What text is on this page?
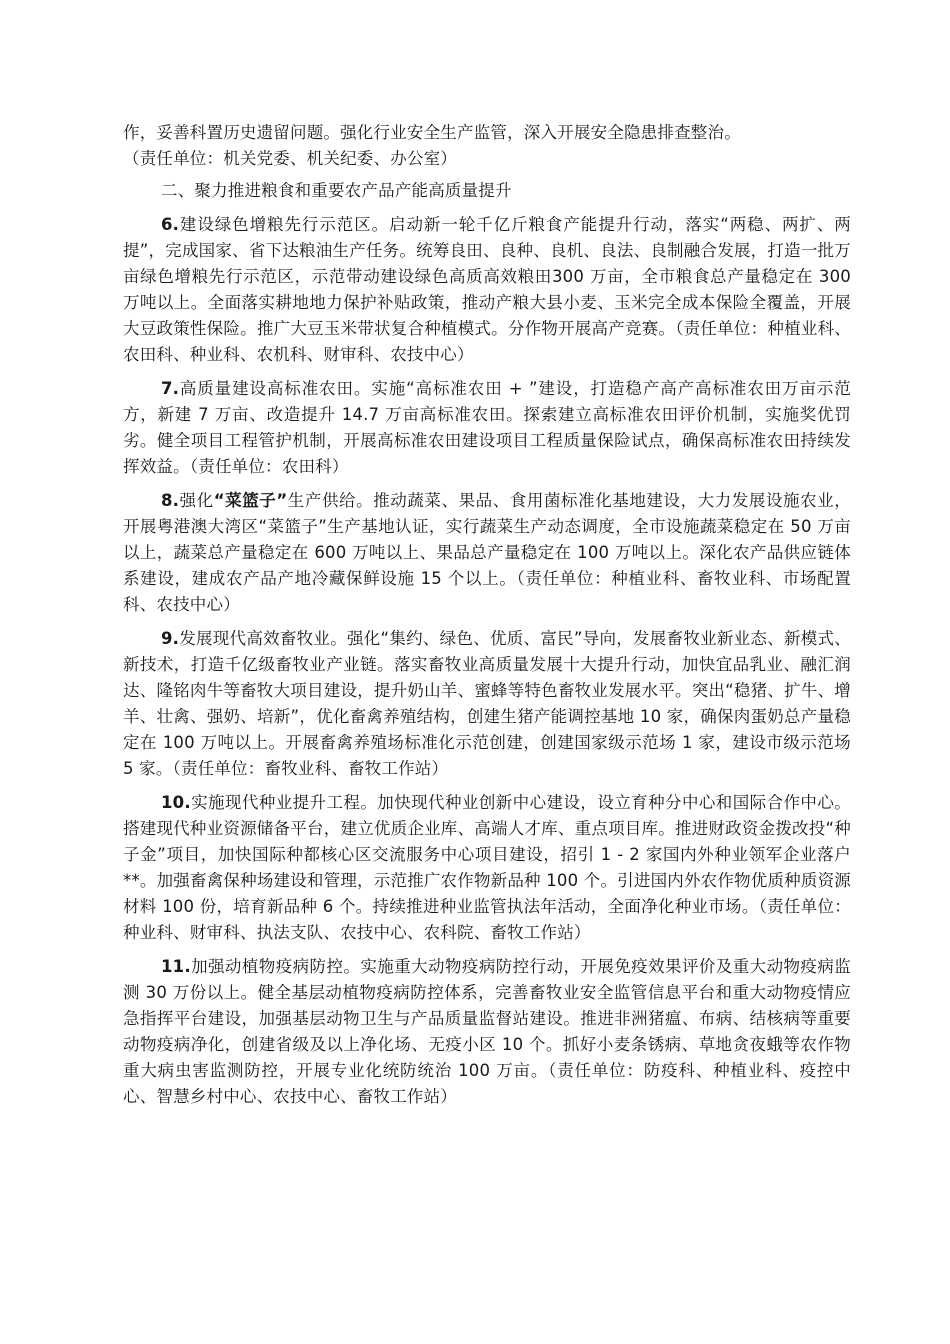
作，妥善科置历史遗留问题。强化行业安全生产监管，深入开展安全隐患排查整治。
（责任单位：机关党委、机关纪委、办公室）

二、聚力推进粮食和重要农产品产能高质量提升

6.建设绿色增粮先行示范区。启动新一轮千亿斤粮食产能提升行动，落实“两稳、两扩、两提”，完成国家、省下达粮油生产任务。统筹良田、良种、良机、良法、良制融合发展，打造一批万亩绿色增粮先行示范区，示范带动建设绿色高质高效粮田300 万亩，全市粮食总产量稳定在 300 万吨以上。全面落实耕地地力保护补贴政策，推动产粮大县小麦、玉米完全成本保险全覆盖，开展大豆政策性保险。推广大豆玉米带状复合种植模式。分作物开展高产竞赛。（责任单位：种植业科、农田科、种业科、农机科、财审科、农技中心）

7.高质量建设高标准农田。实施“高标准农田 + ”建设，打造稳产高产高标准农田万亩示范方，新建 7 万亩、改造提升 14.7 万亩高标准农田。探索建立高标准农田评价机制，实施奖优罚劣。健全项目工程管护机制，开展高标准农田建设项目工程质量保险试点，确保高标准农田持续发挥效益。（责任单位：农田科）

8.强化“菜篮子”生产供给。推动蔬菜、果品、食用菌标准化基地建设，大力发展设施农业，开展粤港澳大湾区“菜篮子”生产基地认证，实行蔬菜生产动态调度，全市设施蔬菜稳定在 50 万亩以上，蔬菜总产量稳定在 600 万吨以上、果品总产量稳定在 100 万吨以上。深化农产品供应链体系建设，建成农产品产地冷藏保鲜设施 15 个以上。（责任单位：种植业科、畜牧业科、市场配置科、农技中心）

9.发展现代高效畜牧业。强化“集约、绿色、优质、富民”导向，发展畜牧业新业态、新模式、新技术，打造千亿级畜牧业产业链。落实畜牧业高质量发展十大提升行动，加快宜品乳业、融汇润达、隆铭肉牛等畜牧大项目建设，提升奶山羊、蜜蜂等特色畜牧业发展水平。突出“稳猪、扩牛、增羊、壮禽、强奶、培新”，优化畜禽养殖结构，创建生猪产能调控基地 10 家，确保肉蛋奶总产量稳定在 100 万吨以上。开展畜禽养殖场标准化示范创建，创建国家级示范场 1 家，建设市级示范场 5 家。（责任单位：畜牧业科、畜牧工作站）

10.实施现代种业提升工程。加快现代种业创新中心建设，设立育种分中心和国际合作中心。搭建现代种业资源储备平台，建立优质企业库、高端人才库、重点项目库。推进财政资金拨改投“种子金”项目，加快国际种都核心区交流服务中心项目建设，招引 1 - 2 家国内外种业领军企业落户**。加强畜禽保种场建设和管理，示范推广农作物新品种 100 个。引进国内外农作物优质种质资源材料 100 份，培育新品种 6 个。持续推进种业监管执法年活动，全面净化种业市场。（责任单位：种业科、财审科、执法支队、农技中心、农科院、畜牧工作站）

11.加强动植物疫病防控。实施重大动物疫病防控行动，开展免疫效果评价及重大动物疫病监测 30 万份以上。健全基层动植物疫病防控体系，完善畜牧业安全监管信息平台和重大动物疫情应急指挥平台建设，加强基层动物卫生与产品质量监督站建设。推进非洲猪瘟、布病、结核病等重要动物疫病净化，创建省级及以上净化场、无疫小区 10 个。抓好小麦条锈病、草地贪夜蛾等农作物重大病虫害监测防控，开展专业化统防统治 100 万亩。（责任单位：防疫科、种植业科、疫控中心、智慧乡村中心、农技中心、畜牧工作站）
